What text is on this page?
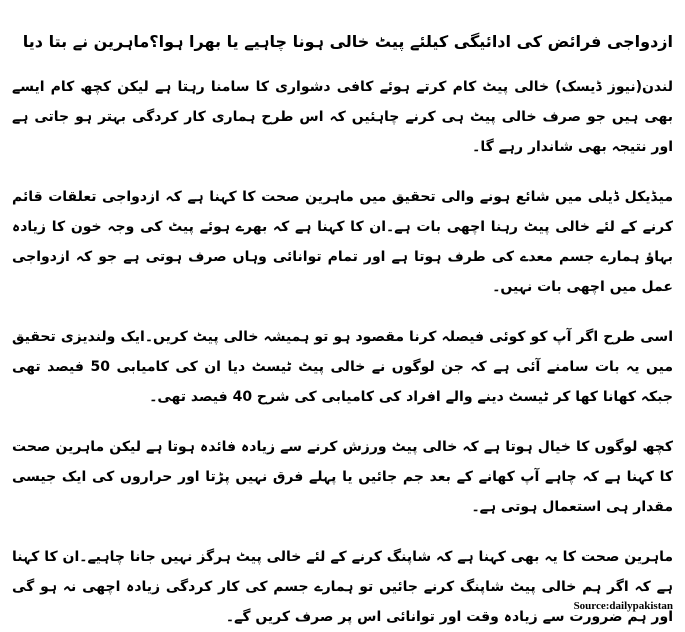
ازدواجی فرائض کی ادائیگی کیلئے پیٹ خالی ہونا چاہیے یا بھرا ہوا؟ماہرین نے بتا دیا

لندن(نیوز ڈیسک) خالی پیٹ کام کرتے ہوئے کافی دشواری کا سامنا رہتا ہے لیکن کچھ کام ایسے بھی ہیں جو صرف خالی پیٹ ہی کرنے چاہئیں کہ اس طرح ہماری کار کردگی بہتر ہو جاتی ہے اور نتیجہ بھی شاندار رہے گا۔

میڈیکل ڈیلی میں شائع ہونے والی تحقیق میں ماہرین صحت کا کہنا ہے کہ ازدواجی تعلقات قائم کرنے کے لئے خالی پیٹ رہنا اچھی بات ہے۔ان کا کہنا ہے کہ بھرے ہوئے پیٹ کی وجہ خون کا زیادہ بہاؤ ہمارے جسم معدے کی طرف ہوتا ہے اور تمام توانائی وہاں صرف ہوتی ہے جو کہ ازدواجی عمل میں اچھی بات نہیں۔

اسی طرح اگر آپ کو کوئی فیصلہ کرنا مقصود ہو تو ہمیشہ خالی پیٹ کریں۔ایک ولندیزی تحقیق میں یہ بات سامنے آئی ہے کہ جن لوگوں نے خالی پیٹ ٹیسٹ دیا ان کی کامیابی 50 فیصد تھی جبکہ کھانا کھا کر ٹیسٹ دینے والے افراد کی کامیابی کی شرح 40 فیصد تھی۔

کچھ لوگوں کا خیال ہوتا ہے کہ خالی پیٹ ورزش کرنے سے زیادہ فائدہ ہوتا ہے لیکن ماہرین صحت کا کہنا ہے کہ چاہے آپ کھانے کے بعد جم جائیں یا پہلے فرق نہیں پڑتا اور حراروں کی ایک جیسی مقدار ہی استعمال ہوتی ہے۔

ماہرین صحت کا یہ بھی کہنا ہے کہ شاپنگ کرنے کے لئے خالی پیٹ ہرگز نہیں جانا چاہیے۔ان کا کہنا ہے کہ اگر ہم خالی پیٹ شاپنگ کرنے جائیں تو ہمارے جسم کی کار کردگی زیادہ اچھی نہ ہو گی اور ہم ضرورت سے زیادہ وقت اور توانائی اس پر صرف کریں گے۔

Source:dailypakistan
